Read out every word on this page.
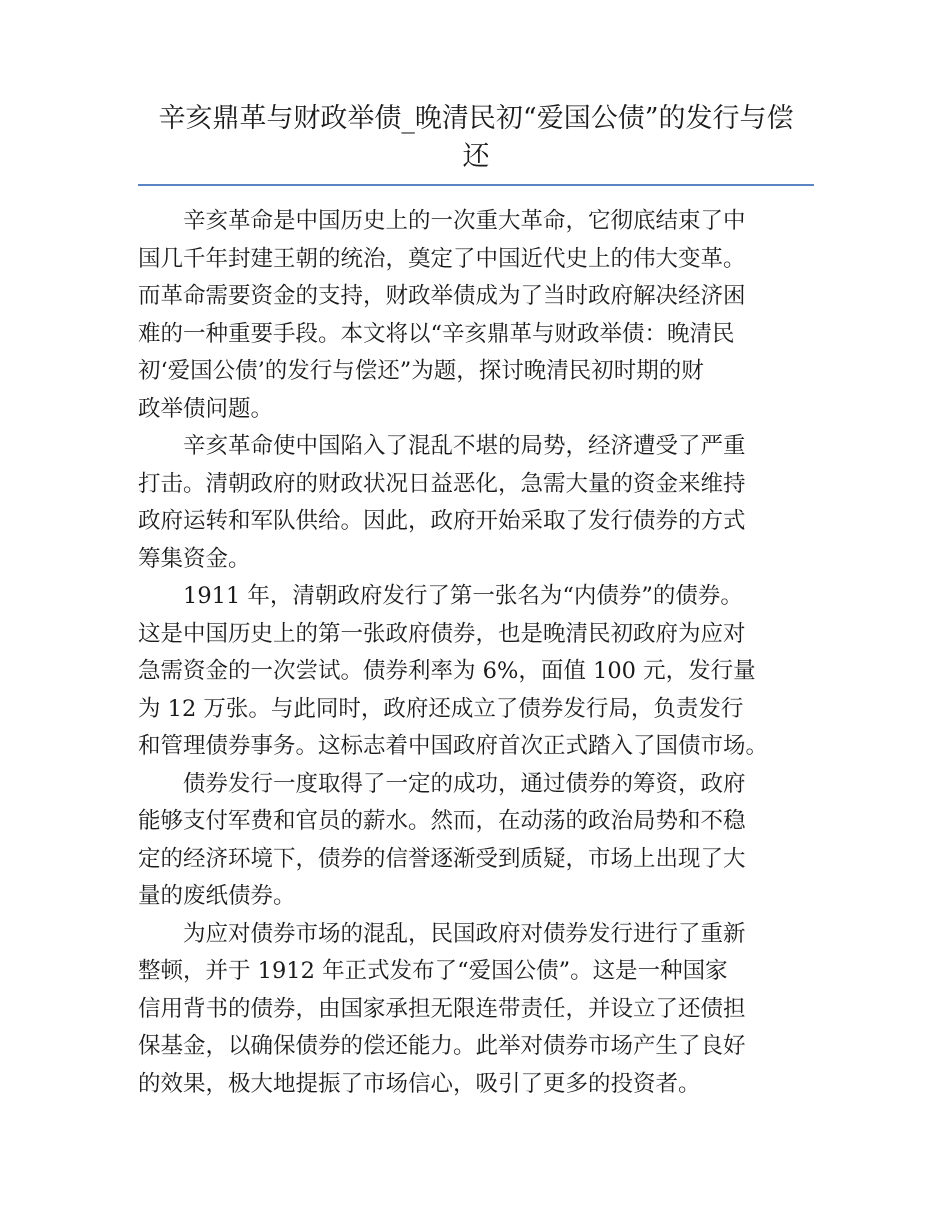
辛亥鼎革与财政举债_晚清民初“爱国公债”的发行与偿
还

　　辛亥革命是中国历史上的一次重大革命，它彻底结束了中
国几千年封建王朝的统治，奠定了中国近代史上的伟大变革。
而革命需要资金的支持，财政举债成为了当时政府解决经济困
难的一种重要手段。本文将以“辛亥鼎革与财政举债：晚清民
初‘爱国公债’的发行与偿还”为题，探讨晚清民初时期的财
政举债问题。

　　辛亥革命使中国陷入了混乱不堪的局势，经济遭受了严重
打击。清朝政府的财政状况日益恶化，急需大量的资金来维持
政府运转和军队供给。因此，政府开始采取了发行债券的方式
筹集资金。

　　1911 年，清朝政府发行了第一张名为“内债券”的债券。
这是中国历史上的第一张政府债券，也是晚清民初政府为应对
急需资金的一次尝试。债券利率为 6%，面值 100 元，发行量
为 12 万张。与此同时，政府还成立了债券发行局，负责发行
和管理债券事务。这标志着中国政府首次正式踏入了国债市场。

　　债券发行一度取得了一定的成功，通过债券的筹资，政府
能够支付军费和官员的薪水。然而，在动荡的政治局势和不稳
定的经济环境下，债券的信誉逐渐受到质疑，市场上出现了大
量的废纸债券。

　　为应对债券市场的混乱，民国政府对债券发行进行了重新
整顿，并于 1912 年正式发布了“爱国公债”。这是一种国家
信用背书的债券，由国家承担无限连带责任，并设立了还债担
保基金，以确保债券的偿还能力。此举对债券市场产生了良好
的效果，极大地提振了市场信心，吸引了更多的投资者。
